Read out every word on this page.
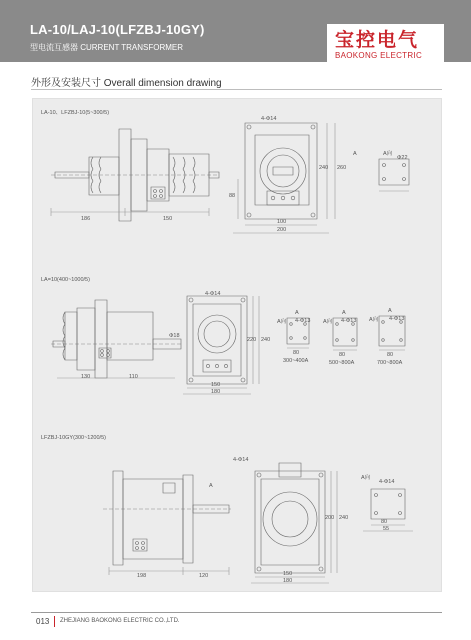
LA-10/LAJ-10(LFZBJ-10GY)
型电流互感器 CURRENT TRANSFORMER	宝控电气
BAOKONG ELECTRIC
外形及安装尺寸 Overall dimension drawing
LA-10、LFZBJ-10(5~300/5)
186	150
4-Φ14
100
200
240 260
88
A	A向
Φ22
LA=10(400~1000/5)
4-Φ14
130	110
150
180
220 240
Φ18
A	A	A
A向	A向	A向
4-Φ13	4-Φ13	4-Φ13
300~400A	500~800A	700~800A
80	80	80
LFZBJ-10GY(300~1200/5)
4-Φ14
A
A向
4-Φ14
198	120	150
180
200 240
80
55
013 ZHEJIANG BAOKONG ELECTRIC CO.,LTD.
